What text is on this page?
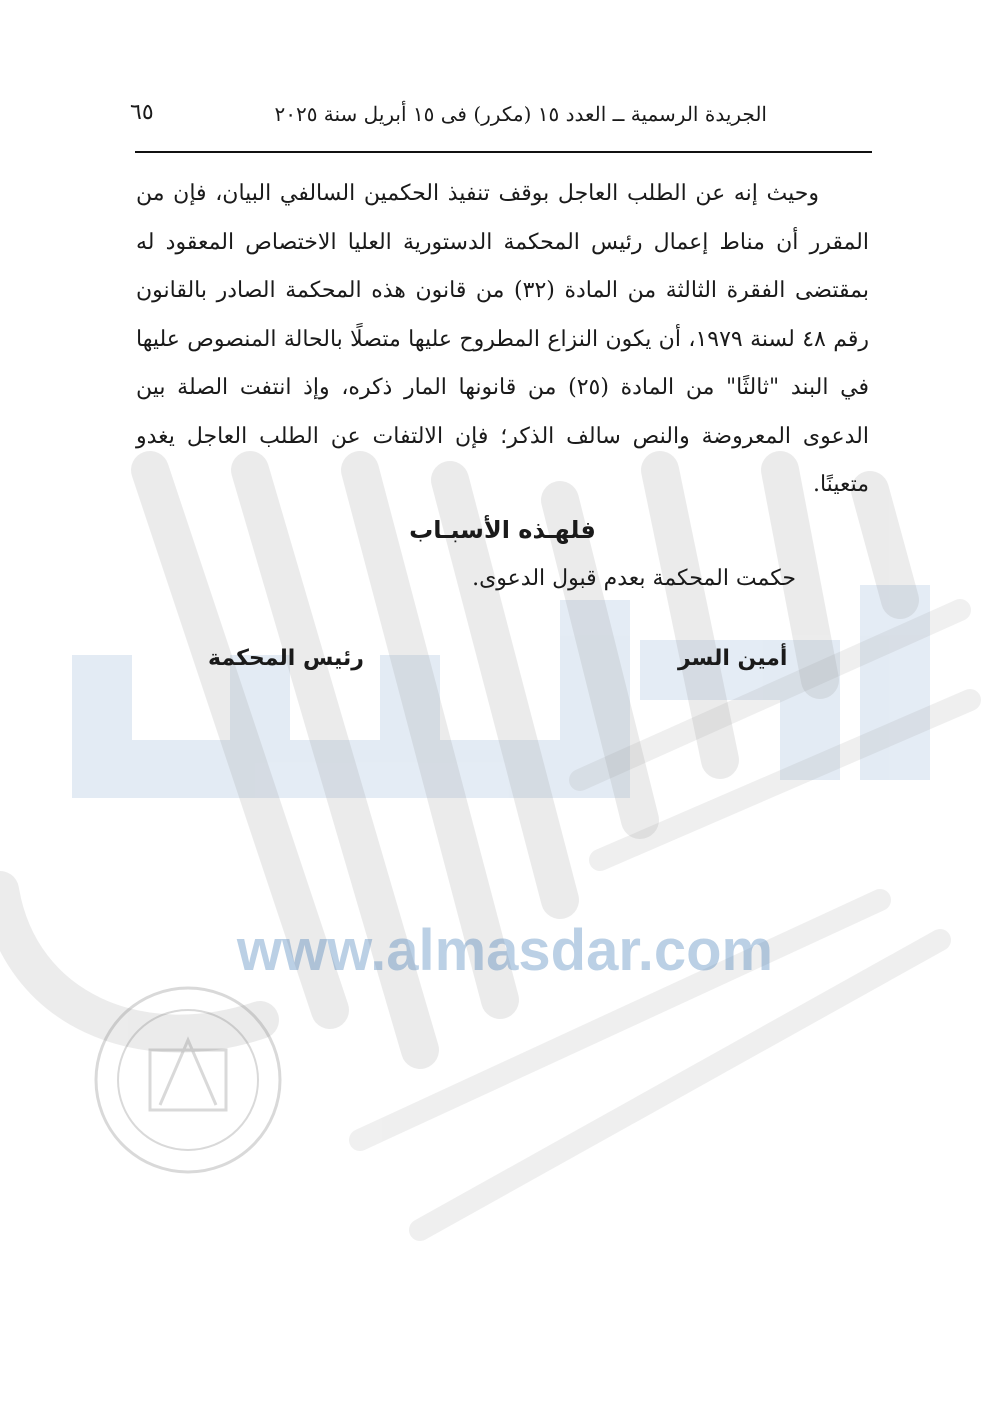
www.almasdar.com
الجريدة الرسمية ــ العدد ١٥ (مكرر) فى ١٥ أبريل سنة ٢٠٢٥
٦٥

وحيث إنه عن الطلب العاجل بوقف تنفيذ الحكمين السالفي البيان، فإن من المقرر أن مناط إعمال رئيس المحكمة الدستورية العليا الاختصاص المعقود له بمقتضى الفقرة الثالثة من المادة (٣٢) من قانون هذه المحكمة الصادر بالقانون رقم ٤٨ لسنة ١٩٧٩، أن يكون النزاع المطروح عليها متصلًا بالحالة المنصوص عليها في البند "ثالثًا" من المادة (٢٥) من قانونها المار ذكره، وإذ انتفت الصلة بين الدعوى المعروضة والنص سالف الذكر؛ فإن الالتفات عن الطلب العاجل يغدو متعينًا.

فلهـذه الأسبـاب
حكمت المحكمة بعدم قبول الدعوى.
أمين السر
رئيس المحكمة
